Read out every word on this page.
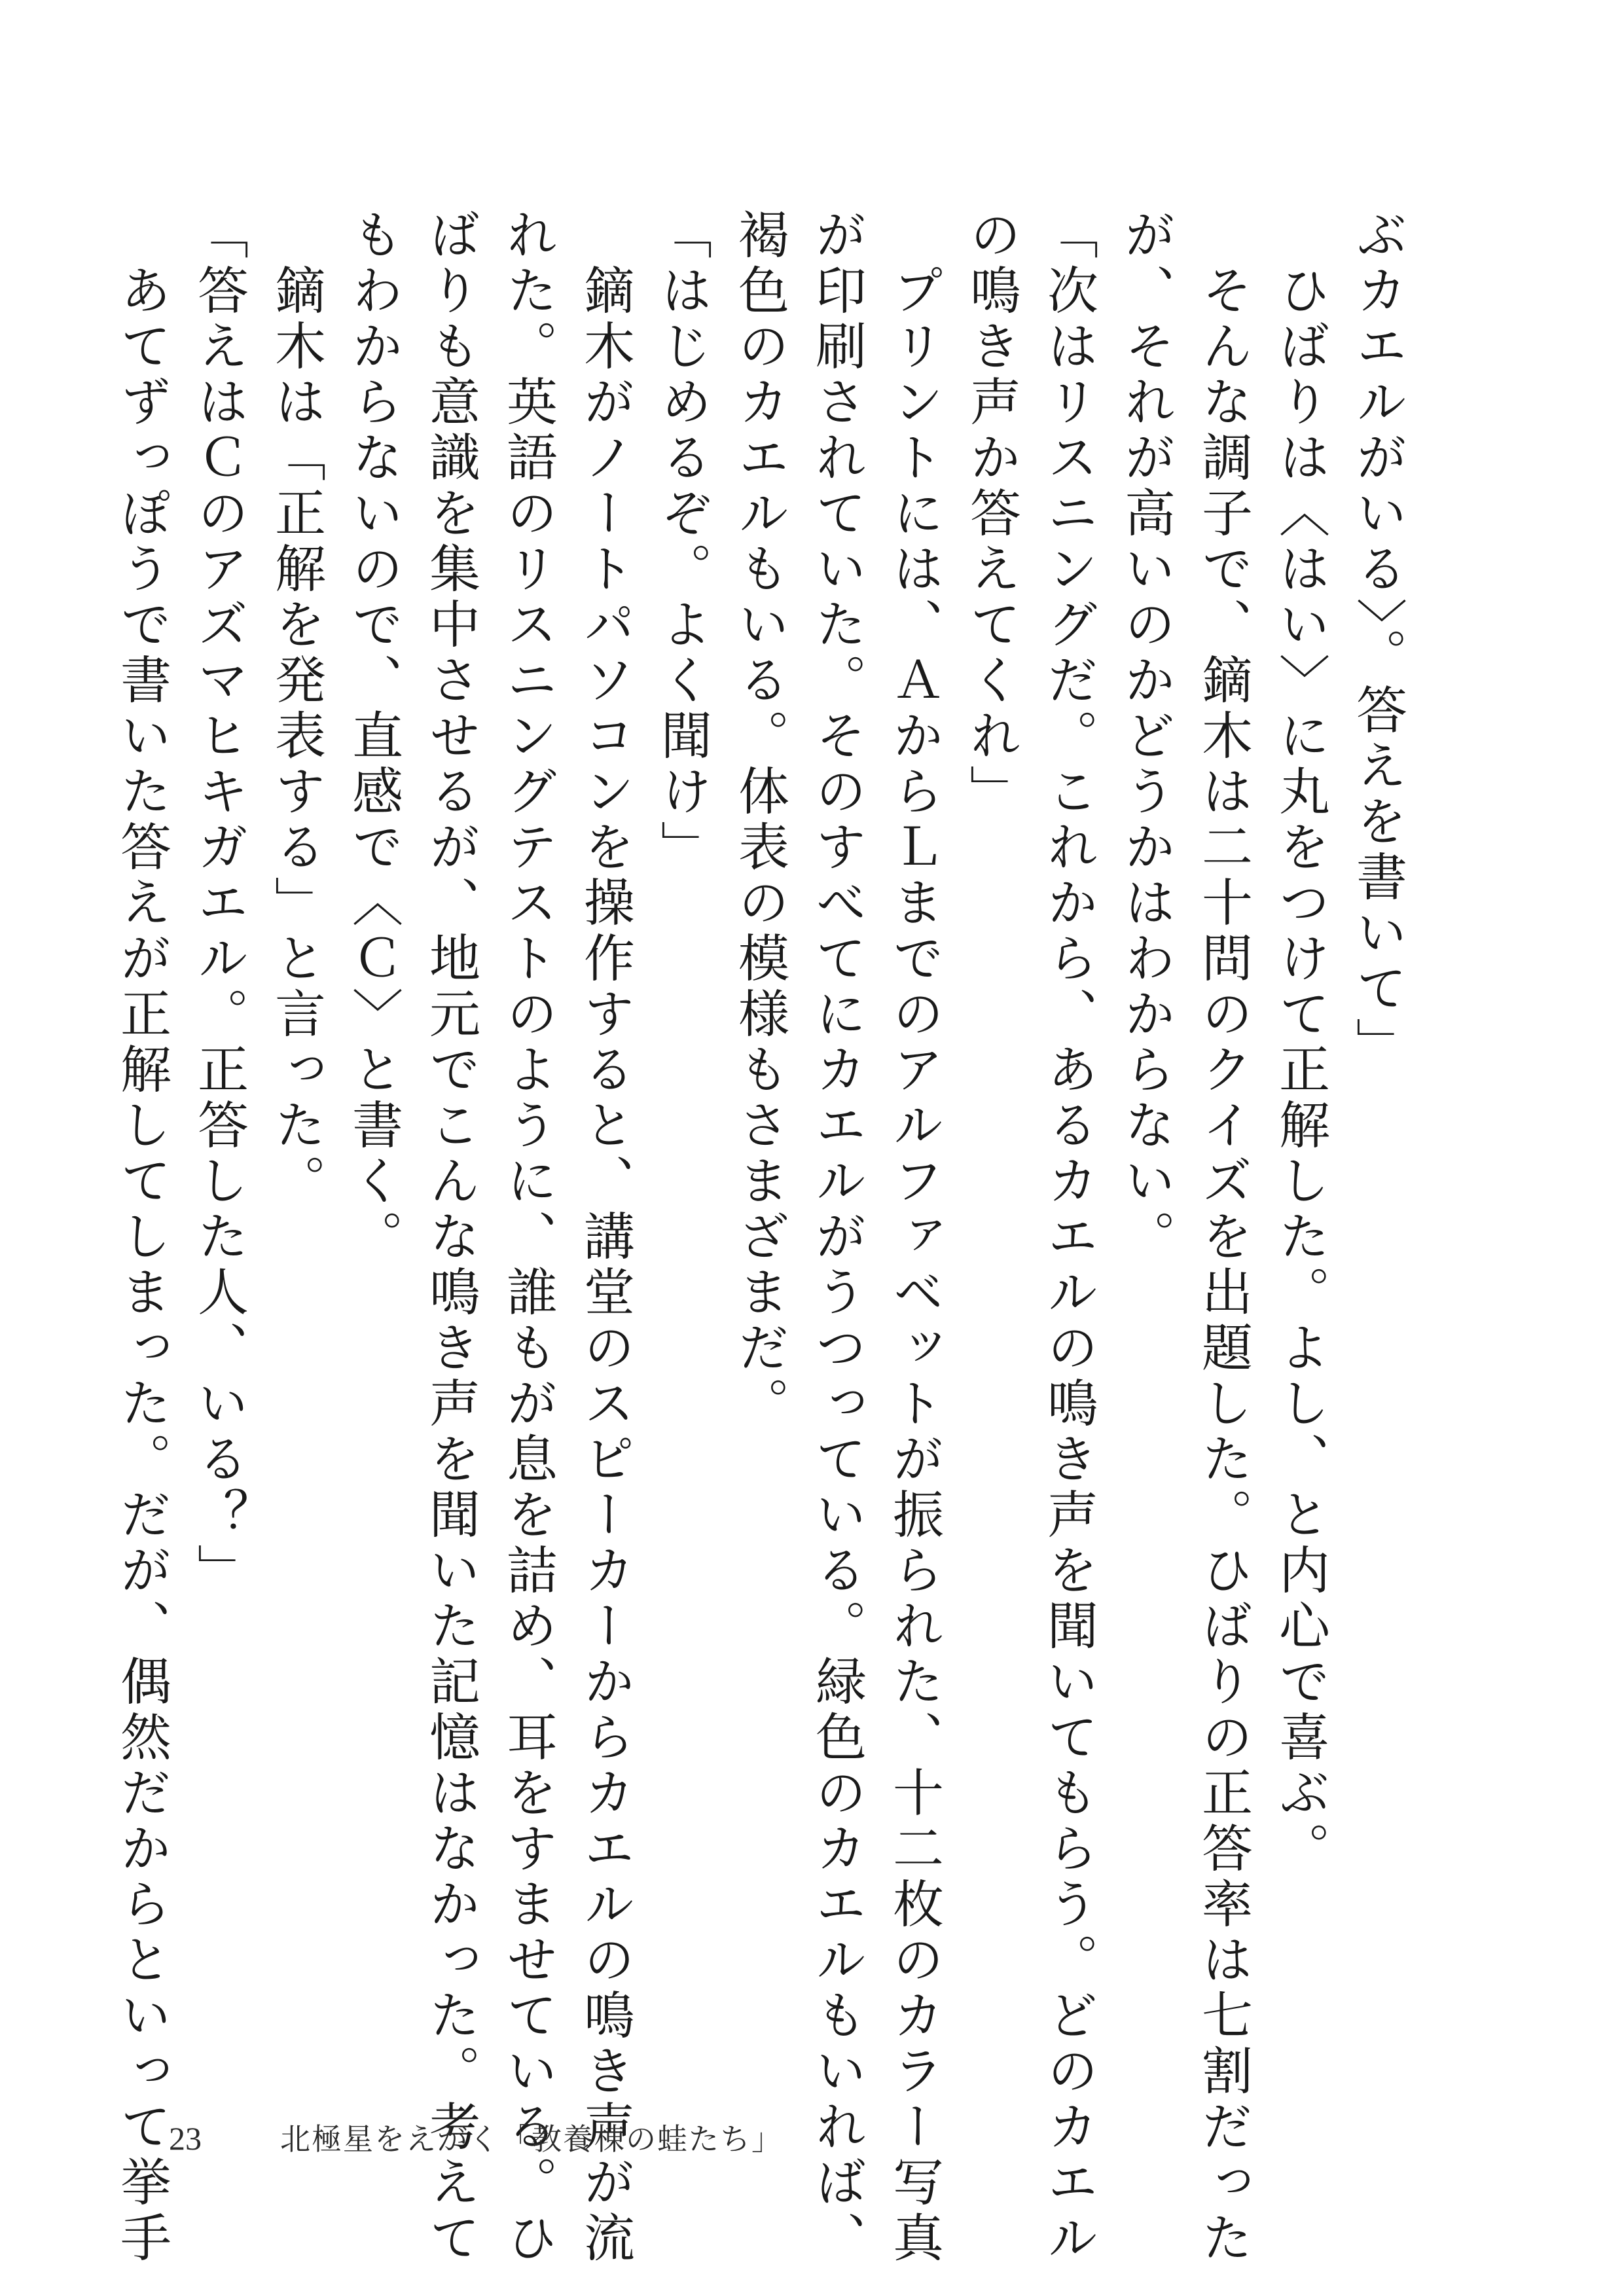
ぶカエルがいる〉。答えを書いて」

　ひばりは〈はい〉に丸をつけて正解した。よし、と内心で喜ぶ。

　そんな調子で、鏑木は二十問のクイズを出題した。ひばりの正答率は七割だった

が、それが高いのかどうかはわからない。

「次はリスニングだ。これから、あるカエルの鳴き声を聞いてもらう。どのカエル

の鳴き声か答えてくれ」

　プリントには、ＡからＬまでのアルファベットが振られた、十二枚のカラー写真

が印刷されていた。そのすべてにカエルがうつっている。緑色のカエルもいれば、

褐色のカエルもいる。体表の模様もさまざまだ。

「はじめるぞ。よく聞け」

　鏑木がノートパソコンを操作すると、講堂のスピーカーからカエルの鳴き声が流

れた。英語のリスニングテストのように、誰もが息を詰め、耳をすませている。ひ

ばりも意識を集中させるが、地元でこんな鳴き声を聞いた記憶はなかった。考えて

もわからないので、直感で〈Ｃ〉と書く。

　鏑木は「正解を発表する」と言った。

「答えはＣのアズマヒキガエル。正答した人、いる？」

　あてずっぽうで書いた答えが正解してしまった。だが、偶然だからといって挙手

23	北極星をえがく「教養棟の蛙たち」
